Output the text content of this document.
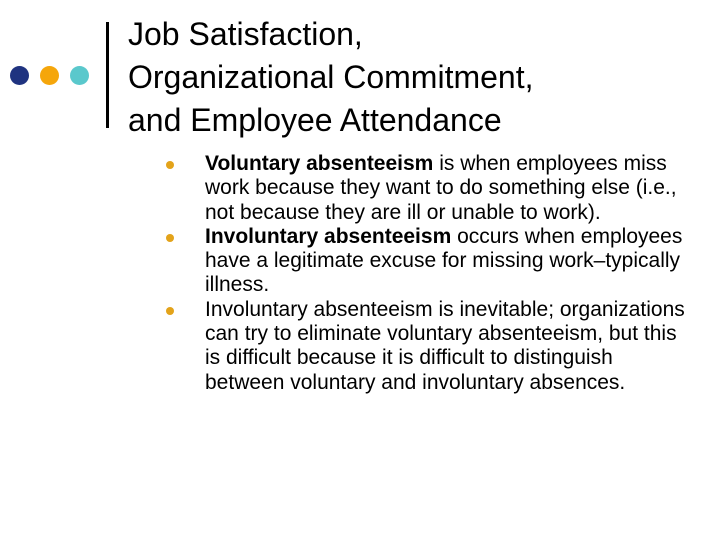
Job Satisfaction,
Organizational Commitment,
and Employee Attendance
Voluntary absenteeism is when employees miss work because they want to do something else (i.e., not because they are ill or unable to work).
Involuntary absenteeism occurs when employees have a legitimate excuse for missing work–typically illness.
Involuntary absenteeism is inevitable; organizations can try to eliminate voluntary absenteeism, but this is difficult because it is difficult to distinguish between voluntary and involuntary absences.
